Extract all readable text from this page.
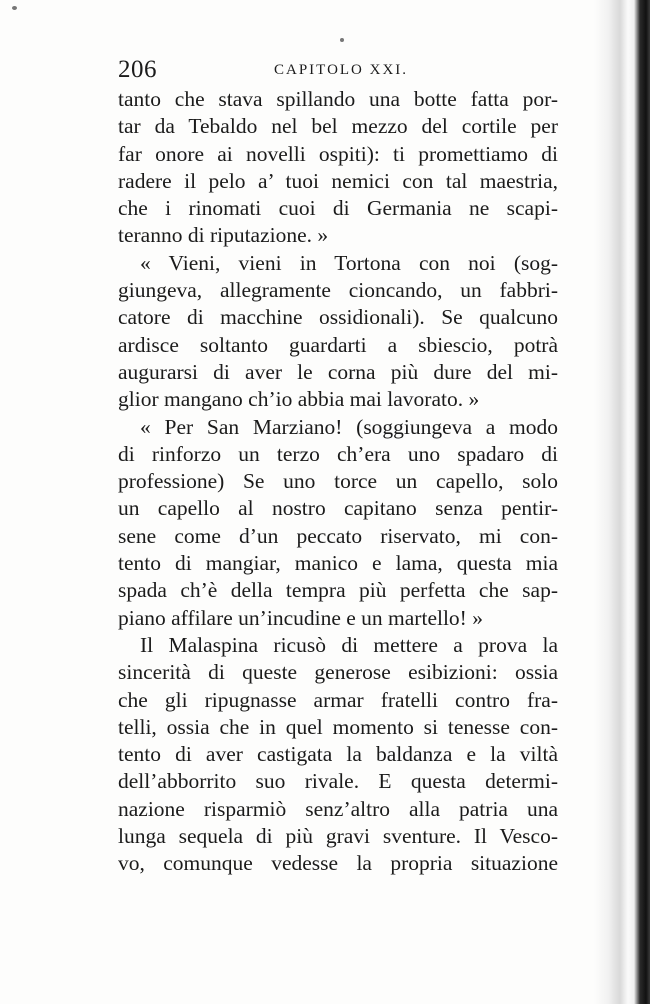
206	CAPITOLO XXI.
tanto che stava spillando una botte fatta por-
tar da Tebaldo nel bel mezzo del cortile per
far onore ai novelli ospiti): ti promettiamo di
radere il pelo a’ tuoi nemici con tal maestria,
che i rinomati cuoi di Germania ne scapi-
teranno di riputazione. »
« Vieni, vieni in Tortona con noi (sog-
giungeva, allegramente cioncando, un fabbri-
catore di macchine ossidionali). Se qualcuno
ardisce soltanto guardarti a sbiescio, potrà
augurarsi di aver le corna più dure del mi-
glior mangano ch’io abbia mai lavorato. »
« Per San Marziano! (soggiungeva a modo
di rinforzo un terzo ch’era uno spadaro di
professione) Se uno torce un capello, solo
un capello al nostro capitano senza pentir-
sene come d’un peccato riservato, mi con-
tento di mangiar, manico e lama, questa mia
spada ch’è della tempra più perfetta che sap-
piano affilare un’incudine e un martello! »
Il Malaspina ricusò di mettere a prova la
sincerità di queste generose esibizioni: ossia
che gli ripugnasse armar fratelli contro fra-
telli, ossia che in quel momento si tenesse con-
tento di aver castigata la baldanza e la viltà
dell’abborrito suo rivale. E questa determi-
nazione risparmiò senz’altro alla patria una
lunga sequela di più gravi sventure. Il Vesco-
vo, comunque vedesse la propria situazione
